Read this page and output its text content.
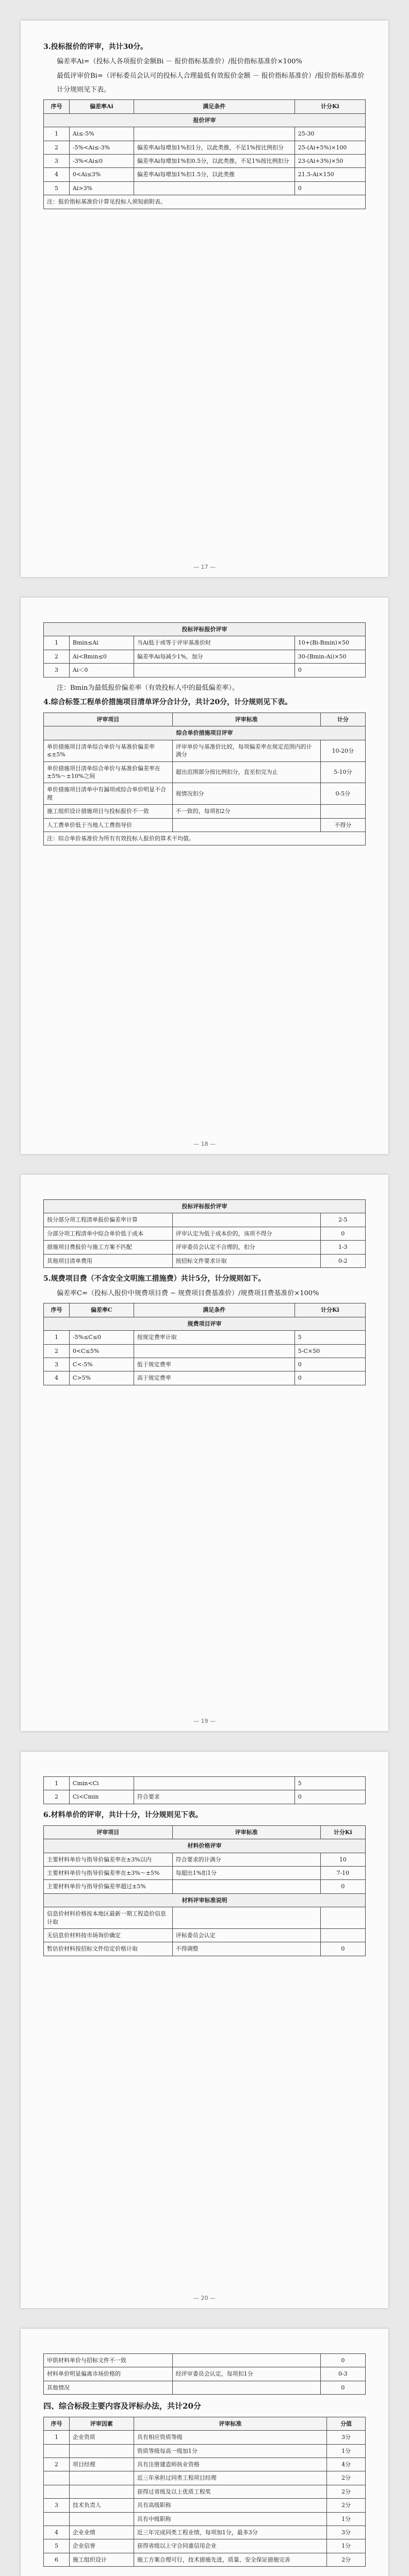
3.投标报价的评审，共计30分。

偏差率Ai=（投标人各项报价金额Bi － 报价指标基准价）/报价指标基准价×100%

最低评审价Bi=（评标委员会认可的投标人合理最低有效报价金额 － 报价指标基准价）/报价指标基准价

计分规则见下表。

序号	偏差率Ai	满足条件	计分Ki
报价评审			
1	Ai≤-5%		25-30
2	-5%<Ai≤-3%	偏差率Ai每增加1%扣1分，以此类推，不足1%按比例扣分	25-(Ai+5%)×100
3	-3%<Ai≤0	偏差率Ai每增加1%扣0.5分，以此类推，不足1%按比例扣分	23-(Ai+3%)×50
4	0<Ai≤3%	偏差率Ai每增加1%扣1.5分，以此类推	21.5-Ai×150
5	Ai>3%		0
注：报价指标基准价计算见投标人须知前附表。			
— 17 —
投标评标报价评审			
1	Bmin≤Ai	当Ai低于或等于评审基准价时	10+(Bi-Bmin)×50
2	Ai<Bmin≤0	偏差率Ai每减少1%，加分	30-(Bmin-Ai)×50
3	Ai＜0		0

注：Bmin为最低报价偏差率（有效投标人中的最低偏差率）。

4.综合标签工程单价措施项目清单评分合计分，共计20分，计分规则见下表。
评审项目	评审标准	计分
综合单价措施项目评审		
单价措施项目清单综合单价与基准价偏差率≤±5%	评审单价与基准价比较，每项偏差率在规定范围内的计满分	10-20分
单价措施项目清单综合单价与基准价偏差率在±5%～±10%之间	超出范围部分按比例扣分，直至扣完为止	5-10分
单价措施项目清单中有漏项或综合单价明显不合理	视情况扣分	0-5分
施工组织设计措施项目与投标报价不一致	不一致的，每项扣2分	
人工费单价低于当地人工费指导价		不得分
注：综合单价基准价为所有有效投标人报价的算术平均值。		
— 18 —
投标评标报价评审		
按分部分项工程清单报价偏差率计算		2-5
分部分项工程清单中综合单价低于成本	评审认定为低于成本价的，该项不得分	0
措施项目费报价与施工方案不匹配	评审委员会认定不合理的，扣分	1-3
其他项目清单费用	按招标文件要求计取	0-2
5.规费项目费（不含安全文明施工措施费）共计5分，计分规则如下。

偏差率C=（投标人报价中规费项目费 − 规费项目费基准价）/规费项目费基准价×100%

序号	偏差率C	满足条件	计分Ki
规费项目评审			
1	-5%≤C≤0	按规定费率计取	5
2	0<C≤5%		5-C×50
3	C<-5%	低于规定费率	0
4	C>5%	高于规定费率	0
— 19 —
1	Cmin<Ci		5
2	Ci<Cmin	符合要求	0
6.材料单价的评审，共计十分，计分规则见下表。
评审项目	评审标准	计分Ki
材料价格评审		
主要材料单价与指导价偏差率在±3%以内	符合要求的计满分	10
主要材料单价与指导价偏差率在±3%～±5%	每超出1%扣1分	7-10
主要材料单价与指导价偏差率超过±5%		0
材料评审标准说明		
信息价材料价格按本地区最新一期工程造价信息计取		
无信息价材料按市场询价确定	评标委员会认定	
暂估价材料按招标文件给定价格计取	不得调整	0
— 20 —
甲供材料单价与招标文件不一致		0
材料单价明显偏离市场价格的	经评审委员会认定，每项扣1分	0-3
其他情况		0
四、综合标段主要内容及评标办法，共计20分
序号	评审因素	评审标准	分值
1	企业资质	具有相应资质等级	3分
		资质等级每高一级加1分	1分
2	项目经理	具有注册建造师执业资格	4分
		近三年承担过同类工程项目经理	2分
		获得过省级及以上优质工程奖	2分
3	技术负责人	具有高级职称	2分
		具有中级职称	1分
4	企业业绩	近三年完成同类工程业绩，每项加1分，最多3分	3分
5	企业信誉	获得省级以上守合同重信用企业	1分
6	施工组织设计	施工方案合理可行，技术措施先进，质量、安全保证措施完善	2分
